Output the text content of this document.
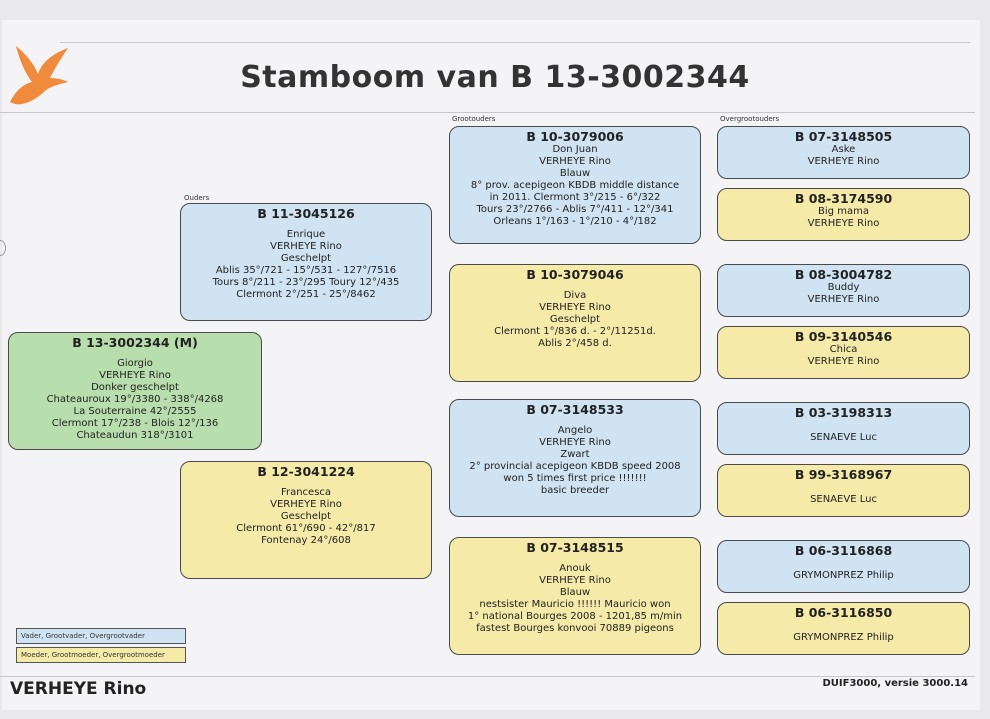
Stamboom van B 13-3002344
Ouders
Grootouders	Overgrootouders
B 13-3002344 (M)
Giorgio
VERHEYE Rino
Donker geschelpt
Chateauroux 19°/3380 - 338°/4268
La Souterraine 42°/2555
Clermont 17°/238 - Blois 12°/136
Chateaudun 318°/3101
B 11-3045126
Enrique
VERHEYE Rino
Geschelpt
Ablis 35°/721 - 15°/531 - 127°/7516
Tours 8°/211 - 23°/295 Toury 12°/435
Clermont 2°/251 - 25°/8462
B 12-3041224
Francesca
VERHEYE Rino
Geschelpt
Clermont 61°/690 - 42°/817
Fontenay 24°/608
B 10-3079006
Don Juan
VERHEYE Rino
Blauw
8° prov. acepigeon KBDB middle distance
in 2011. Clermont 3°/215 - 6°/322
Tours 23°/2766 - Ablis 7°/411 - 12°/341
Orleans 1°/163 - 1°/210 - 4°/182
B 10-3079046
Diva
VERHEYE Rino
Geschelpt
Clermont 1°/836 d. - 2°/11251d.
Ablis 2°/458 d.
B 07-3148533
Angelo
VERHEYE Rino
Zwart
2° provincial acepigeon KBDB speed 2008
won 5 times first price !!!!!!!
basic breeder
B 07-3148515
Anouk
VERHEYE Rino
Blauw
nestsister Mauricio !!!!!! Mauricio won
1° national Bourges 2008 - 1201,85 m/min
fastest Bourges konvooi 70889 pigeons
B 07-3148505
Aske
VERHEYE Rino
B 08-3174590
Big mama
VERHEYE Rino
B 08-3004782
Buddy
VERHEYE Rino
B 09-3140546
Chica
VERHEYE Rino
B 03-3198313
SENAEVE Luc
B 99-3168967
SENAEVE Luc
B 06-3116868
GRYMONPREZ Philip
B 06-3116850
GRYMONPREZ Philip
Vader, Grootvader, Overgrootvader
Moeder, Grootmoeder, Overgrootmoeder
VERHEYE Rino	DUIF3000, versie 3000.14
